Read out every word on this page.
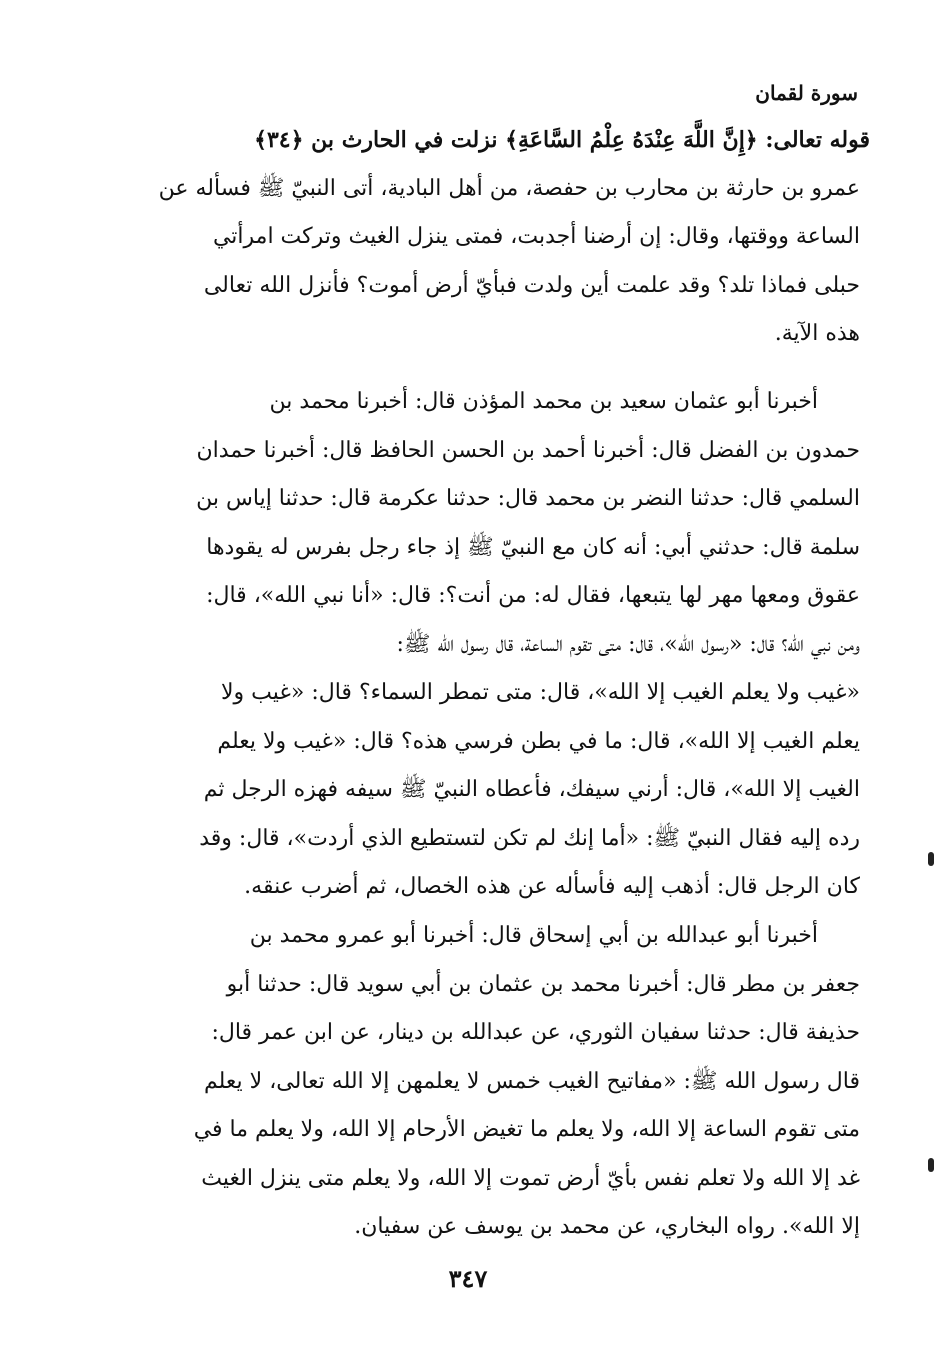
سورة لقمان
قوله تعالى: ﴿إِنَّ اللَّهَ عِنْدَهُ عِلْمُ السَّاعَةِ﴾ نزلت في الحارث بن ﴿٣٤﴾
عمرو بن حارثة بن محارب بن حفصة، من أهل البادية، أتى النبيّ ﷺ فسأله عن
الساعة ووقتها، وقال: إن أرضنا أجدبت، فمتى ينزل الغيث وتركت امرأتي
حبلى فماذا تلد؟ وقد علمت أين ولدت فبأيّ أرض أموت؟ فأنزل الله تعالى
هذه الآية.
أخبرنا أبو عثمان سعيد بن محمد المؤذن قال: أخبرنا محمد بن
حمدون بن الفضل قال: أخبرنا أحمد بن الحسن الحافظ قال: أخبرنا حمدان
السلمي قال: حدثنا النضر بن محمد قال: حدثنا عكرمة قال: حدثنا إياس بن
سلمة قال: حدثني أبي: أنه كان مع النبيّ ﷺ إذ جاء رجل بفرس له يقودها
عقوق ومعها مهر لها يتبعها، فقال له: من أنت؟: قال: «أنا نبي الله»، قال:
ومن نبي الله؟ قال: «رسول الله»، قال: متى تقوم الساعة، قال رسول الله ﷺ:
«غيب ولا يعلم الغيب إلا الله»، قال: متى تمطر السماء؟ قال: «غيب ولا
يعلم الغيب إلا الله»، قال: ما في بطن فرسي هذه؟ قال: «غيب ولا يعلم
الغيب إلا الله»، قال: أرني سيفك، فأعطاه النبيّ ﷺ سيفه فهزه الرجل ثم
رده إليه فقال النبيّ ﷺ: «أما إنك لم تكن لتستطيع الذي أردت»، قال: وقد
كان الرجل قال: أذهب إليه فأسأله عن هذه الخصال، ثم أضرب عنقه.
أخبرنا أبو عبدالله بن أبي إسحاق قال: أخبرنا أبو عمرو محمد بن
جعفر بن مطر قال: أخبرنا محمد بن عثمان بن أبي سويد قال: حدثنا أبو
حذيفة قال: حدثنا سفيان الثوري، عن عبدالله بن دينار، عن ابن عمر قال:
قال رسول الله ﷺ: «مفاتيح الغيب خمس لا يعلمهن إلا الله تعالى، لا يعلم
متى تقوم الساعة إلا الله، ولا يعلم ما تغيض الأرحام إلا الله، ولا يعلم ما في
غد إلا الله ولا تعلم نفس بأيّ أرض تموت إلا الله، ولا يعلم متى ينزل الغيث
إلا الله». رواه البخاري، عن محمد بن يوسف عن سفيان.
٣٤٧
